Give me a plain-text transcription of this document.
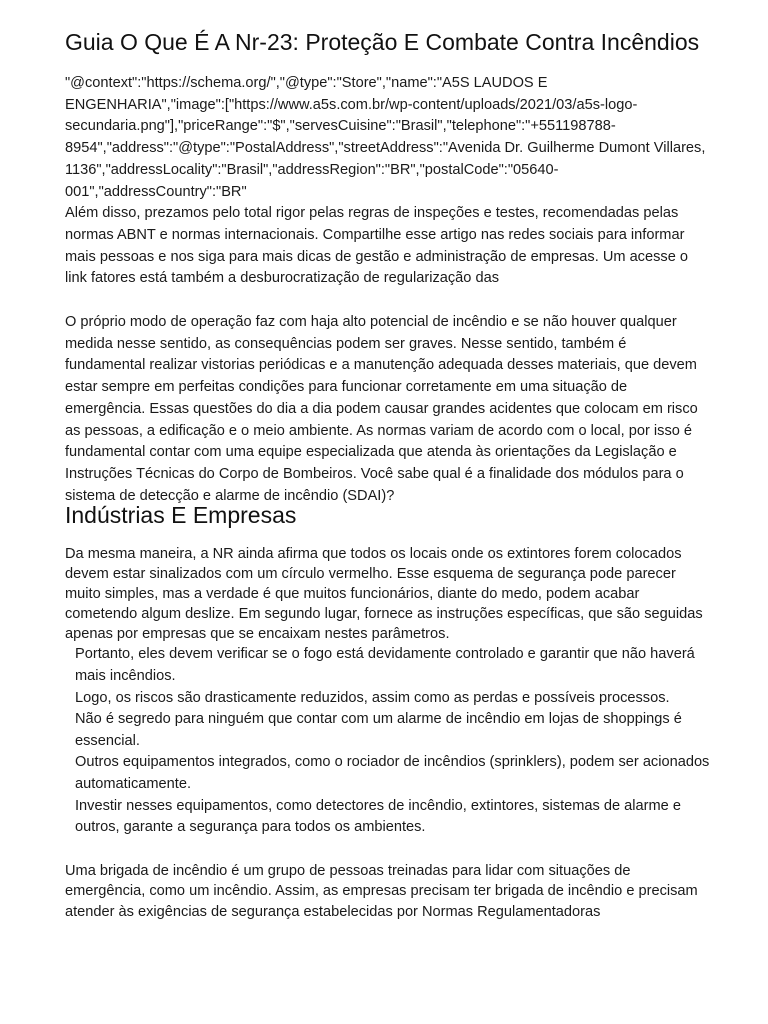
Guia O Que É A Nr-23: Proteção E Combate Contra Incêndios

"@context":"https://schema.org/","@type":"Store","name":"A5S LAUDOS E ENGENHARIA","image":["https://www.a5s.com.br/wp-content/uploads/2021/03/a5s-logo-secundaria.png"],"priceRange":"$","servesCuisine":"Brasil","telephone":"+551198788-8954","address":"@type":"PostalAddress","streetAddress":"Avenida Dr. Guilherme Dumont Villares, 1136","addressLocality":"Brasil","addressRegion":"BR","postalCode":"05640-001","addressCountry":"BR"

Além disso, prezamos pelo total rigor pelas regras de inspeções e testes, recomendadas pelas normas ABNT e normas internacionais. Compartilhe esse artigo nas redes sociais para informar mais pessoas e nos siga para mais dicas de gestão e administração de empresas. Um acesse o link fatores está também a desburocratização de regularização das

O próprio modo de operação faz com haja alto potencial de incêndio e se não houver qualquer medida nesse sentido, as consequências podem ser graves. Nesse sentido, também é fundamental realizar vistorias periódicas e a manutenção adequada desses materiais, que devem estar sempre em perfeitas condições para funcionar corretamente em uma situação de emergência. Essas questões do dia a dia podem causar grandes acidentes que colocam em risco as pessoas, a edificação e o meio ambiente. As normas variam de acordo com o local, por isso é fundamental contar com uma equipe especializada que atenda às orientações da Legislação e Instruções Técnicas do Corpo de Bombeiros. Você sabe qual é a finalidade dos módulos para o sistema de detecção e alarme de incêndio (SDAI)?

Indústrias E Empresas

Da mesma maneira, a NR ainda afirma que todos os locais onde os extintores forem colocados devem estar sinalizados com um círculo vermelho. Esse esquema de segurança pode parecer muito simples, mas a verdade é que muitos funcionários, diante do medo, podem acabar cometendo algum deslize. Em segundo lugar, fornece as instruções específicas, que são seguidas apenas por empresas que se encaixam nestes parâmetros.

Portanto, eles devem verificar se o fogo está devidamente controlado e garantir que não haverá mais incêndios.
Logo, os riscos são drasticamente reduzidos, assim como as perdas e possíveis processos.
Não é segredo para ninguém que contar com um alarme de incêndio em lojas de shoppings é essencial.
Outros equipamentos integrados, como o rociador de incêndios (sprinklers), podem ser acionados automaticamente.
Investir nesses equipamentos, como detectores de incêndio, extintores, sistemas de alarme e outros, garante a segurança para todos os ambientes.

Uma brigada de incêndio é um grupo de pessoas treinadas para lidar com situações de emergência, como um incêndio. Assim, as empresas precisam ter brigada de incêndio e precisam atender às exigências de segurança estabelecidas por Normas Regulamentadoras
